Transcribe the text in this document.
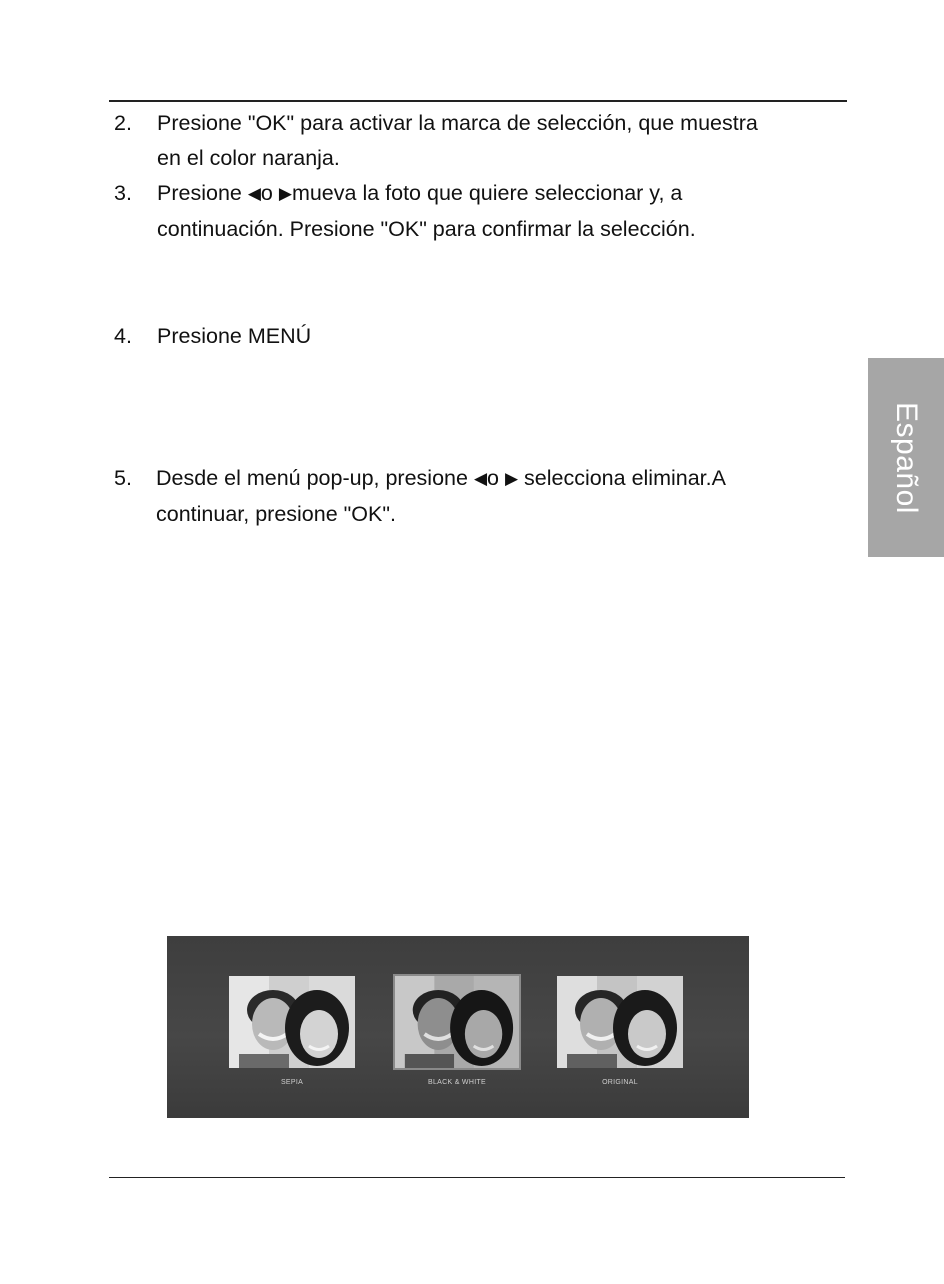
2. Presione "OK" para activar la marca de selección, que muestra
en el color naranja.
3. Presione ◀o ▶mueva la foto que quiere seleccionar y, a
continuación. Presione "OK" para confirmar la selección.
4. Presione MENÚ
5. Desde el menú pop-up, presione ◀o ▶ selecciona eliminar.A
continuar, presione "OK".
Español
SEPIA	BLACK & WHITE	ORIGINAL
